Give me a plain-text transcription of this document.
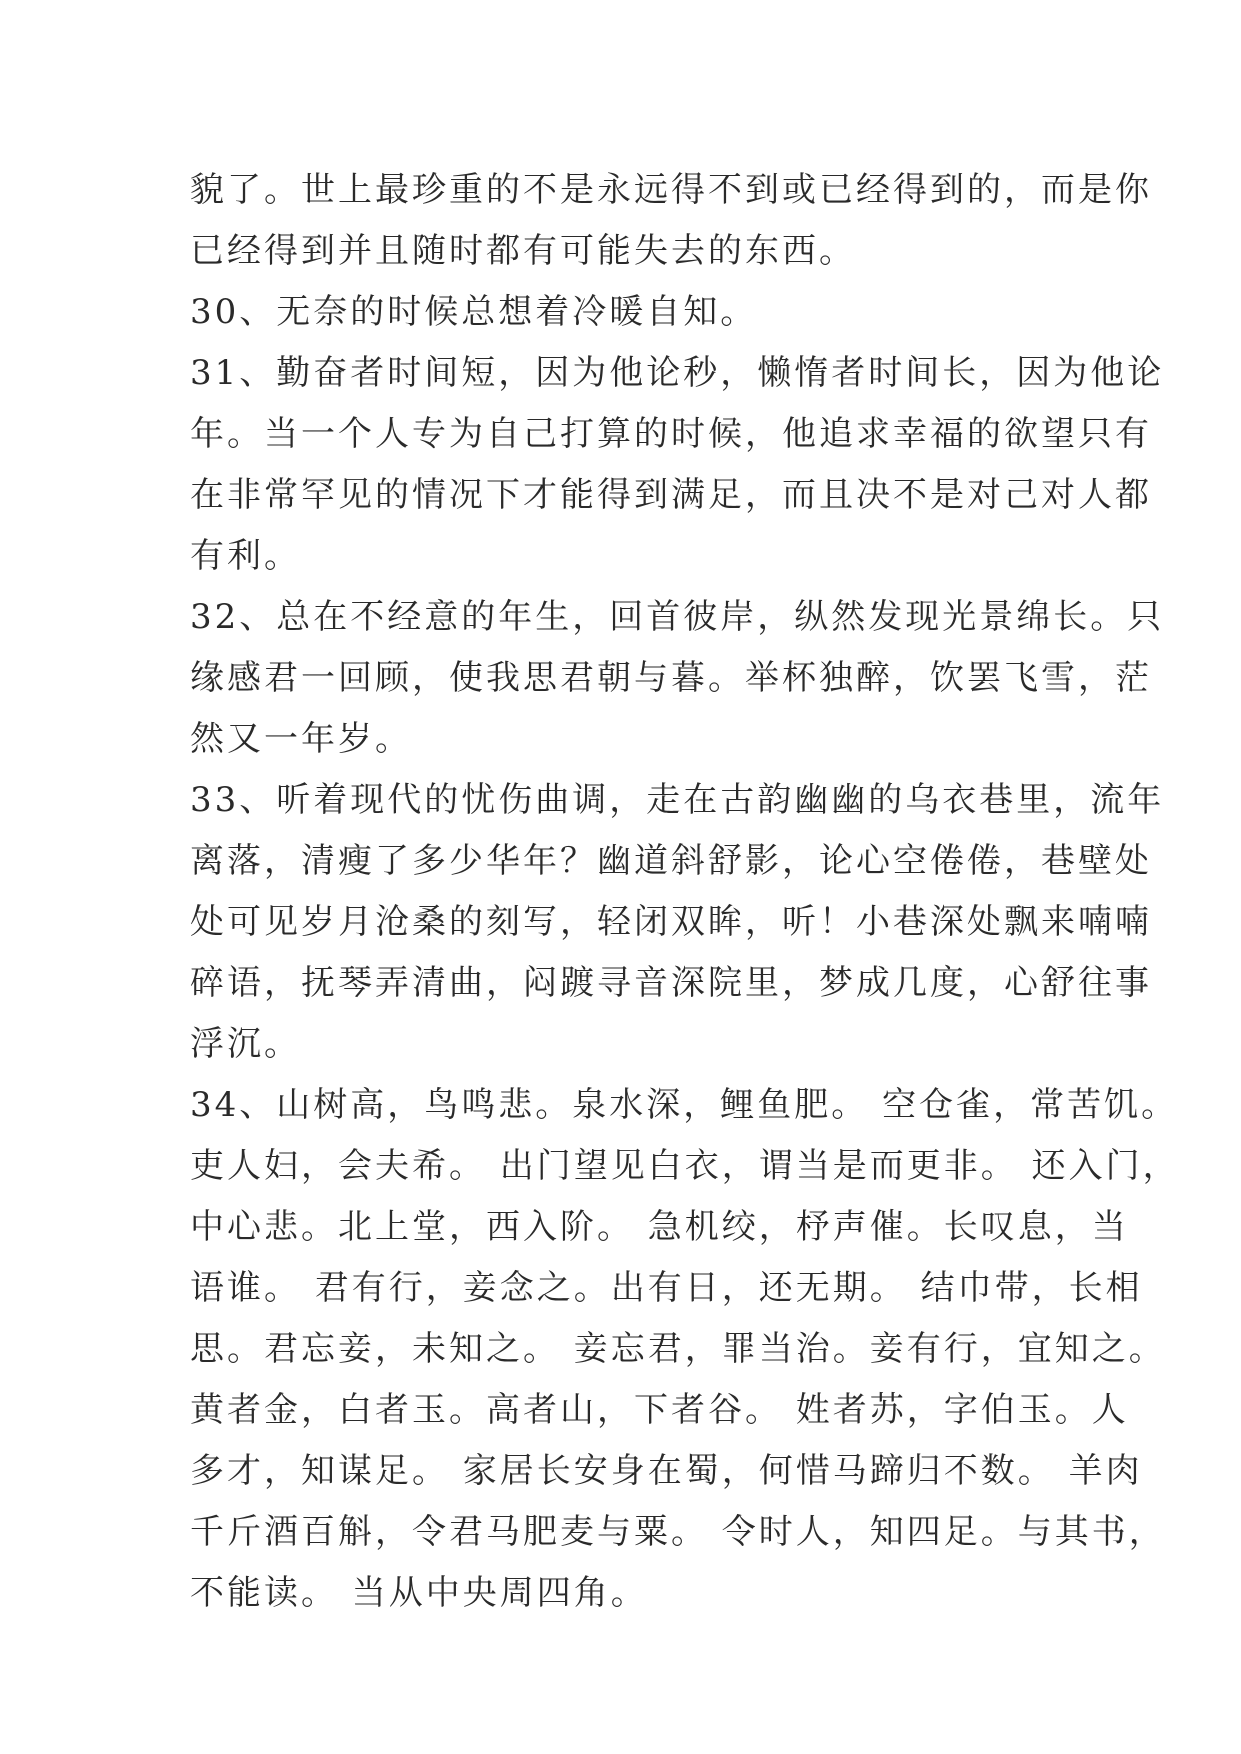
貌了。世上最珍重的不是永远得不到或已经得到的，而是你
已经得到并且随时都有可能失去的东西。
30、无奈的时候总想着冷暖自知。
31、勤奋者时间短，因为他论秒，懒惰者时间长，因为他论
年。当一个人专为自己打算的时候，他追求幸福的欲望只有
在非常罕见的情况下才能得到满足，而且决不是对己对人都
有利。
32、总在不经意的年生，回首彼岸，纵然发现光景绵长。只
缘感君一回顾，使我思君朝与暮。举杯独醉，饮罢飞雪，茫
然又一年岁。
33、听着现代的忧伤曲调，走在古韵幽幽的乌衣巷里，流年
离落，清瘦了多少华年？幽道斜舒影，论心空倦倦，巷壁处
处可见岁月沧桑的刻写，轻闭双眸，听！小巷深处飘来喃喃
碎语，抚琴弄清曲，闷踱寻音深院里，梦成几度，心舒往事
浮沉。
34、山树高，鸟鸣悲。泉水深，鲤鱼肥。 空仓雀，常苦饥。
吏人妇，会夫希。 出门望见白衣，谓当是而更非。 还入门，
中心悲。北上堂，西入阶。 急机绞，杼声催。长叹息，当
语谁。 君有行，妾念之。出有日，还无期。 结巾带，长相
思。君忘妾，未知之。 妾忘君，罪当治。妾有行，宜知之。
黄者金，白者玉。高者山，下者谷。 姓者苏，字伯玉。人
多才，知谋足。 家居长安身在蜀，何惜马蹄归不数。 羊肉
千斤酒百斛，令君马肥麦与粟。 令时人，知四足。与其书，
不能读。 当从中央周四角。
